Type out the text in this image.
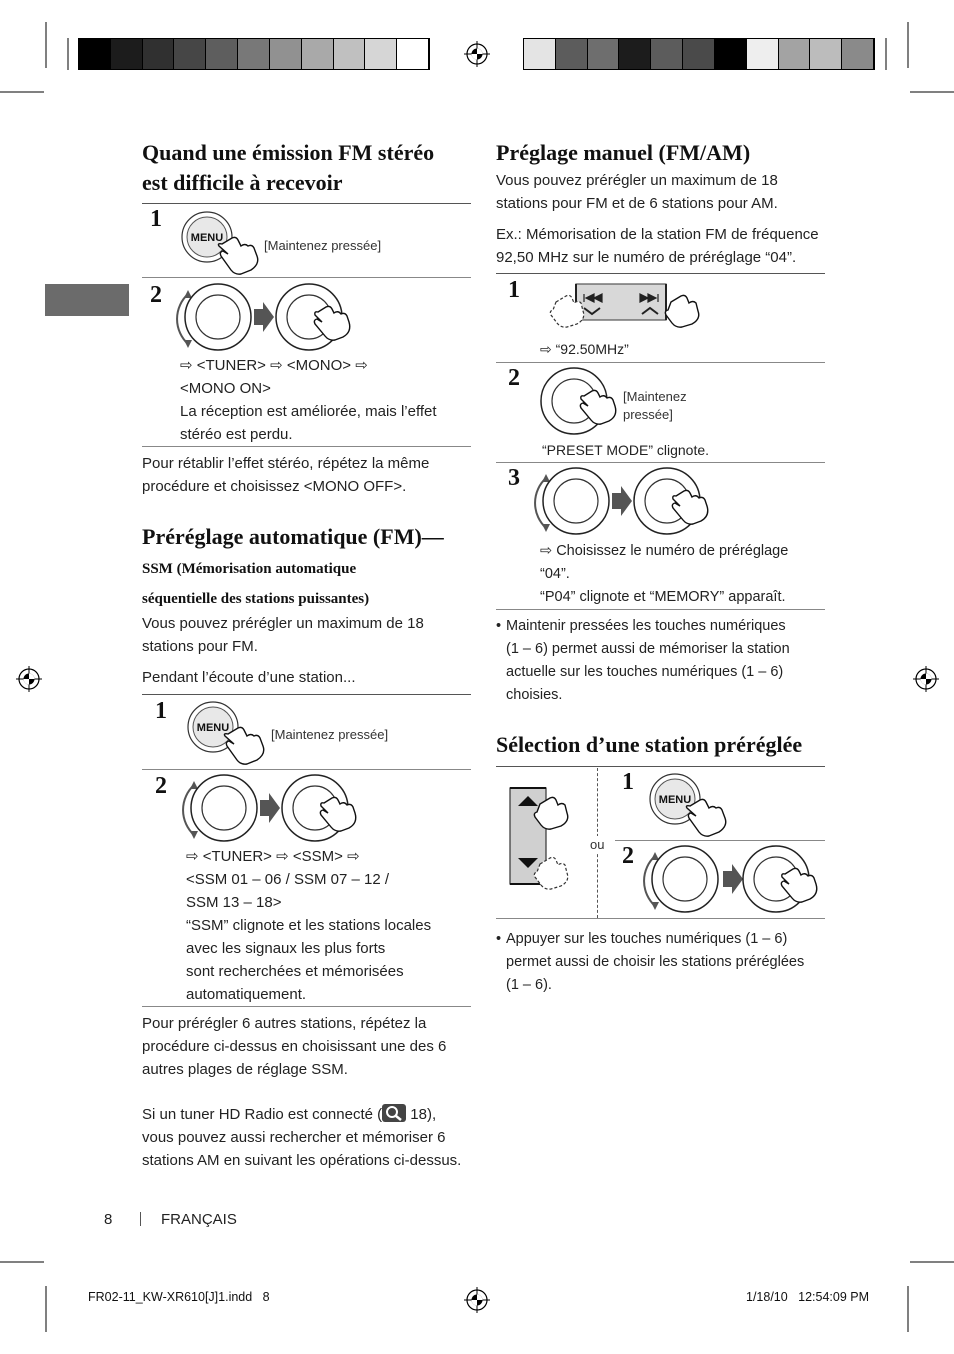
Quand une émission FM stéréo
est difficile à recevoir
1
MENU	[Maintenez pressée]
2
⇨ <TUNER> ⇨ <MONO> ⇨
<MONO ON>
La réception est améliorée, mais l’effet
stéréo est perdu.
Pour rétablir l’effet stéréo, répétez la même
procédure et choisissez <MONO OFF>.
Préréglage automatique (FM)—
SSM (Mémorisation automatique
séquentielle des stations puissantes)
Vous pouvez prérégler un maximum de 18
stations pour FM.
Pendant l’écoute d’une station...
1
MENU	[Maintenez pressée]
2
⇨ <TUNER> ⇨ <SSM> ⇨
<SSM 01 – 06 / SSM 07 – 12 /
SSM 13 – 18>
“SSM” clignote et les stations locales
avec les signaux les plus forts
sont recherchées et mémorisées
automatiquement.
Pour prérégler 6 autres stations, répétez la
procédure ci-dessus en choisissant une des 6
autres plages de réglage SSM.
Si un tuner HD Radio est connecté (
18),
vous pouvez aussi rechercher et mémoriser 6
stations AM en suivant les opérations ci-dessus.
Préglage manuel (FM/AM)
Vous pouvez prérégler un maximum de 18
stations pour FM et de 6 stations pour AM.
Ex.: Mémorisation de la station FM de fréquence
92,50 MHz sur le numéro de préréglage “04”.
1
⇨ “92.50MHz”
2
[Maintenez
pressée]
“PRESET MODE” clignote.
3
⇨ Choisissez le numéro de préréglage
“04”.
“P04” clignote et “MEMORY” apparaît.
• Maintenir pressées les touches numériques
(1 – 6) permet aussi de mémoriser la station
actuelle sur les touches numériques (1 – 6)
choisies.
Sélection d’une station préréglée
ou
1
MENU
2
• Appuyer sur les touches numériques (1 – 6)
permet aussi de choisir les stations préréglées
(1 – 6).
8	FRANÇAIS
FR02-11_KW-XR610[J]1.indd   8	1/18/10   12:54:09 PM
